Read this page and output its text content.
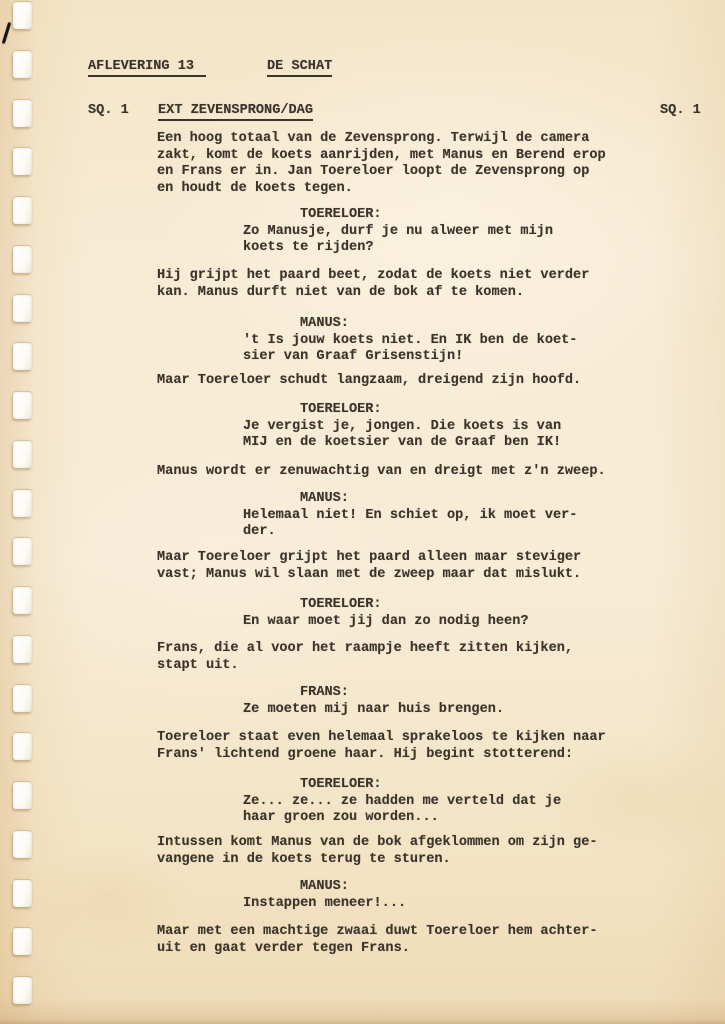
AFLEVERING 13	DE SCHAT
SQ. 1 EXT ZEVENSPRONG/DAG	SQ. 1
Een hoog totaal van de Zevensprong. Terwijl de camera
zakt, komt de koets aanrijden, met Manus en Berend erop
en Frans er in. Jan Toereloer loopt de Zevensprong op
en houdt de koets tegen.
TOERELOER:
Zo Manusje, durf je nu alweer met mijn
koets te rijden?
Hij grijpt het paard beet, zodat de koets niet verder
kan. Manus durft niet van de bok af te komen.
MANUS:
't Is jouw koets niet. En IK ben de koet-
sier van Graaf Grisenstijn!
Maar Toereloer schudt langzaam, dreigend zijn hoofd.
TOERELOER:
Je vergist je, jongen. Die koets is van
MIJ en de koetsier van de Graaf ben IK!
Manus wordt er zenuwachtig van en dreigt met z'n zweep.
MANUS:
Helemaal niet! En schiet op, ik moet ver-
der.
Maar Toereloer grijpt het paard alleen maar steviger
vast; Manus wil slaan met de zweep maar dat mislukt.
TOERELOER:
En waar moet jij dan zo nodig heen?
Frans, die al voor het raampje heeft zitten kijken,
stapt uit.
FRANS:
Ze moeten mij naar huis brengen.
Toereloer staat even helemaal sprakeloos te kijken naar
Frans' lichtend groene haar. Hij begint stotterend:
TOERELOER:
Ze... ze... ze hadden me verteld dat je
haar groen zou worden...
Intussen komt Manus van de bok afgeklommen om zijn ge-
vangene in de koets terug te sturen.
MANUS:
Instappen meneer!...
Maar met een machtige zwaai duwt Toereloer hem achter-
uit en gaat verder tegen Frans.
